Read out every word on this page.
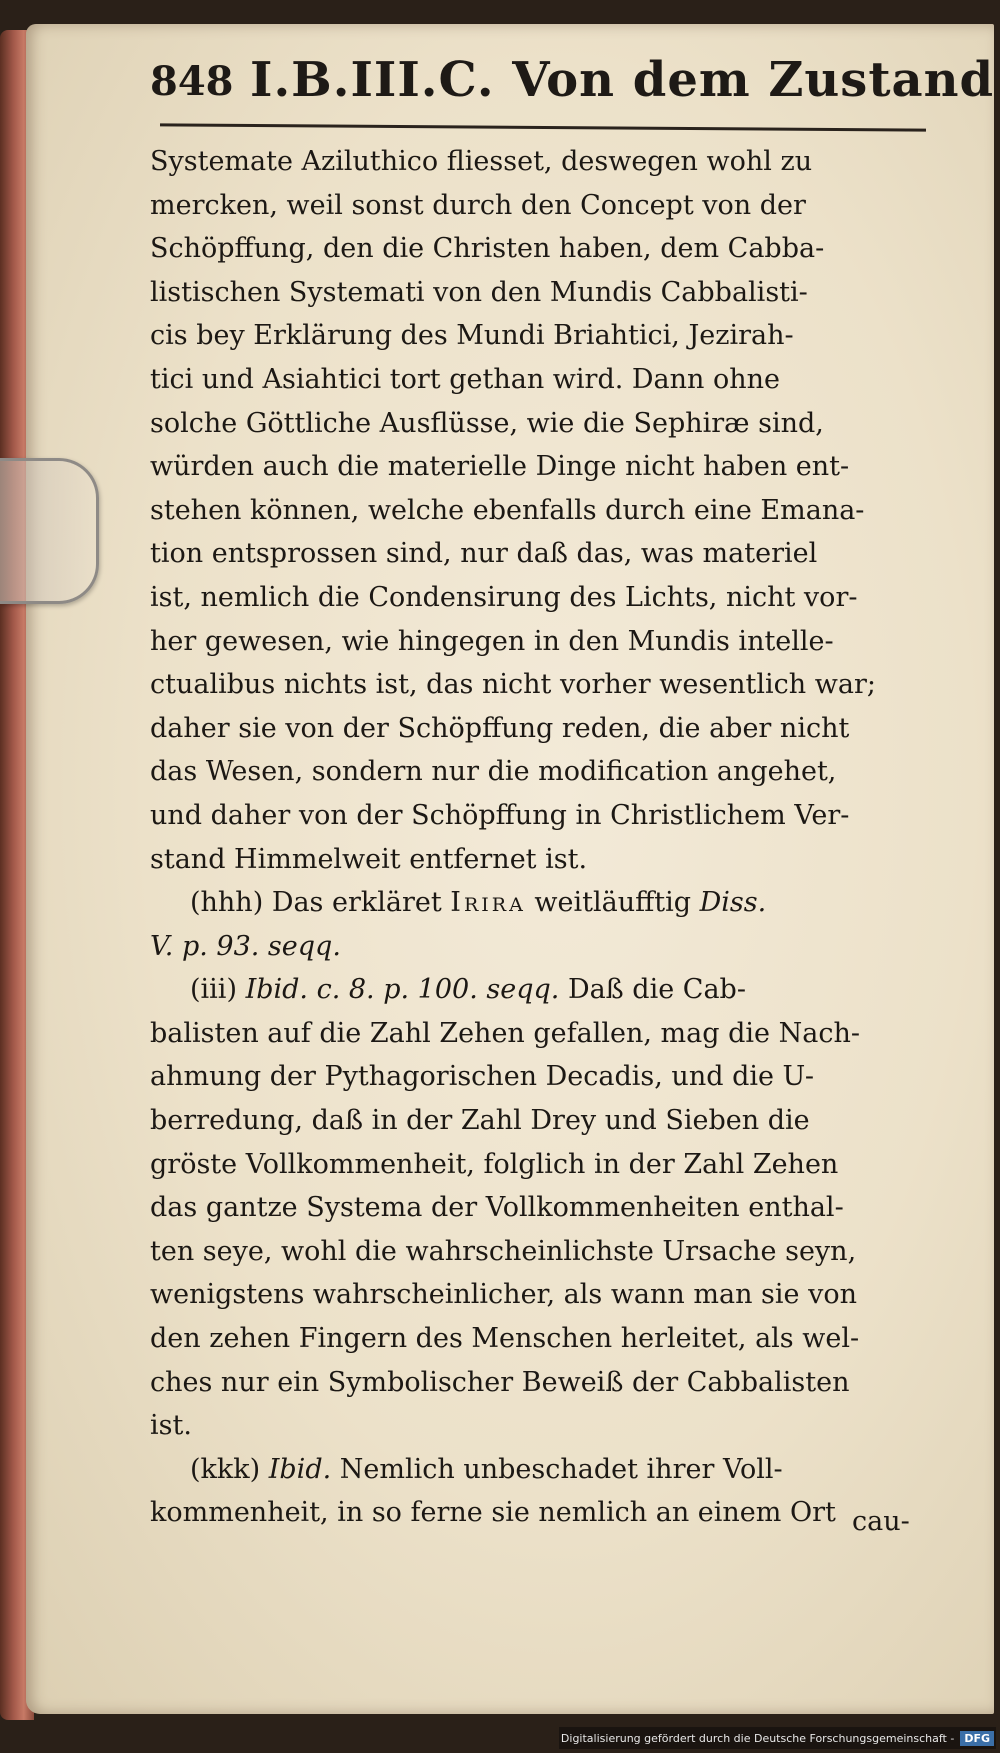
848 I.B.III.C. Von dem Zustand
Systemate Aziluthico fliesset, deswegen wohl zu
mercken, weil sonst durch den Concept von der
Schöpffung, den die Christen haben, dem Cabba-
listischen Systemati von den Mundis Cabbalisti-
cis bey Erklärung des Mundi Briahtici, Jezirah-
tici und Asiahtici tort gethan wird. Dann ohne
solche Göttliche Ausflüsse, wie die Sephiræ sind,
würden auch die materielle Dinge nicht haben ent-
stehen können, welche ebenfalls durch eine Emana-
tion entsprossen sind, nur daß das, was materiel
ist, nemlich die Condensirung des Lichts, nicht vor-
her gewesen, wie hingegen in den Mundis intelle-
ctualibus nichts ist, das nicht vorher wesentlich war;
daher sie von der Schöpffung reden, die aber nicht
das Wesen, sondern nur die modification angehet,
und daher von der Schöpffung in Christlichem Ver-
stand Himmelweit entfernet ist.
(hhh) Das erkläret Irira weitläufftig Diss.
V. p. 93. seqq.
(iii) Ibid. c. 8. p. 100. seqq. Daß die Cab-
balisten auf die Zahl Zehen gefallen, mag die Nach-
ahmung der Pythagorischen Decadis, und die U-
berredung, daß in der Zahl Drey und Sieben die
gröste Vollkommenheit, folglich in der Zahl Zehen
das gantze Systema der Vollkommenheiten enthal-
ten seye, wohl die wahrscheinlichste Ursache seyn,
wenigstens wahrscheinlicher, als wann man sie von
den zehen Fingern des Menschen herleitet, als wel-
ches nur ein Symbolischer Beweiß der Cabbalisten
ist.
(kkk) Ibid. Nemlich unbeschadet ihrer Voll-
kommenheit, in so ferne sie nemlich an einem Ort cau-
Digitalisierung gefördert durch die Deutsche Forschungsgemeinschaft - DFG
